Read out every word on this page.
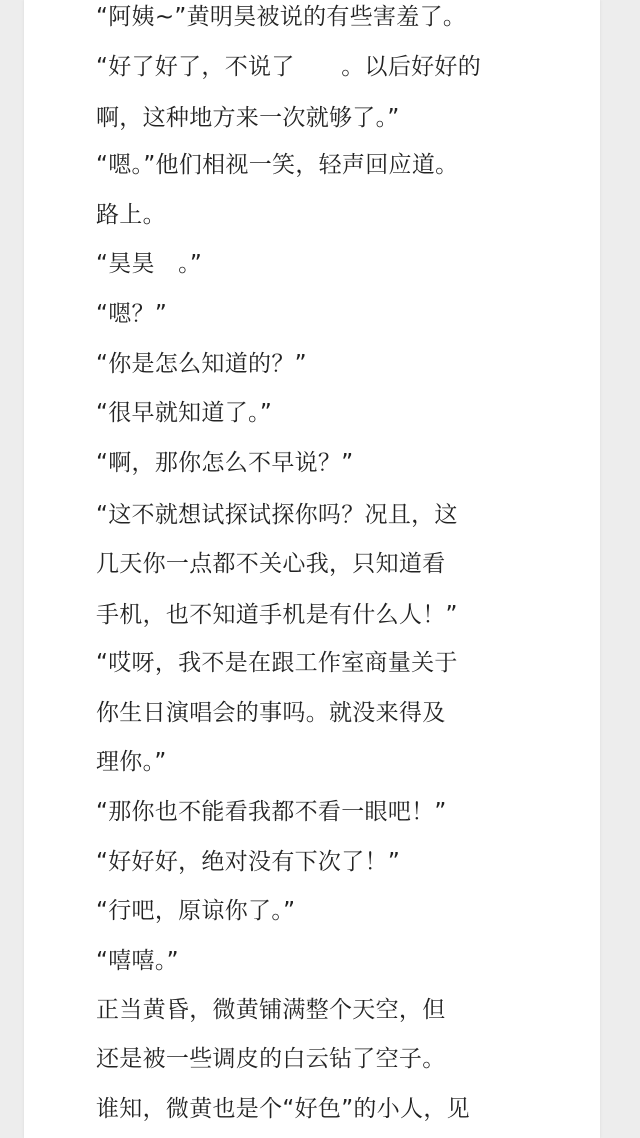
“阿姨~”黄明昊被说的有些害羞了。
“好了好了，不说了　　。以后好好的
啊，这种地方来一次就够了。”
“嗯。”他们相视一笑，轻声回应道。
路上。
“昊昊　。”
“嗯？”
“你是怎么知道的？”
“很早就知道了。”
“啊，那你怎么不早说？”
“这不就想试探试探你吗？况且，这
几天你一点都不关心我，只知道看
手机，也不知道手机是有什么人！”
“哎呀，我不是在跟工作室商量关于
你生日演唱会的事吗。就没来得及
理你。”
“那你也不能看我都不看一眼吧！”
“好好好，绝对没有下次了！”
“行吧，原谅你了。”
“嘻嘻。”
正当黄昏，微黄铺满整个天空，但
还是被一些调皮的白云钻了空子。
谁知，微黄也是个“好色”的小人，见
